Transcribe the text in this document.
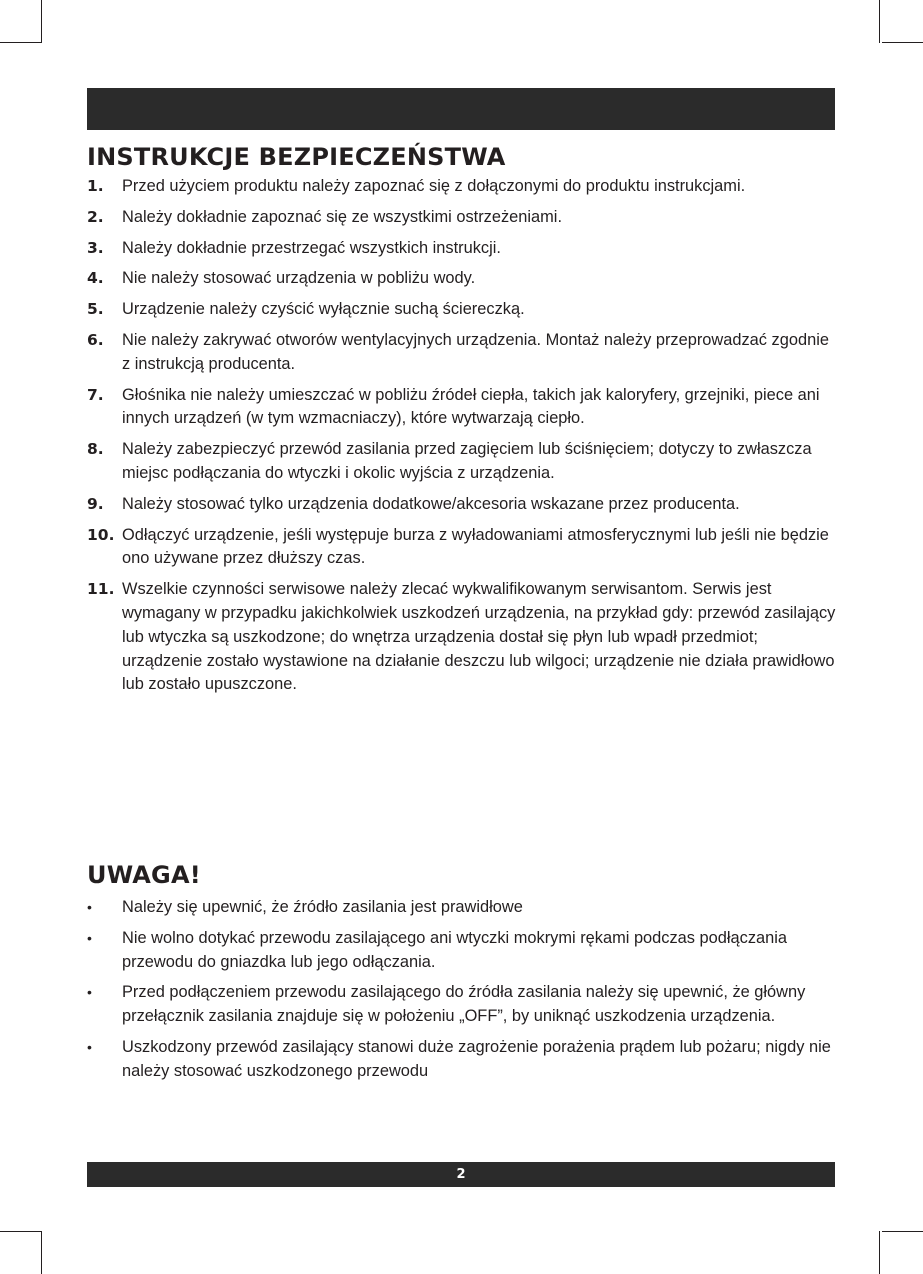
INSTRUKCJE BEZPIECZEŃSTWA
1. Przed użyciem produktu należy zapoznać się z dołączonymi do produktu instrukcjami.
2. Należy dokładnie zapoznać się ze wszystkimi ostrzeżeniami.
3. Należy dokładnie przestrzegać wszystkich instrukcji.
4. Nie należy stosować urządzenia w pobliżu wody.
5. Urządzenie należy czyścić wyłącznie suchą ściereczką.
6. Nie należy zakrywać otworów wentylacyjnych urządzenia. Montaż należy przeprowadzać zgodnie z instrukcją producenta.
7. Głośnika nie należy umieszczać w pobliżu źródeł ciepła, takich jak kaloryfery, grzejniki, piece ani innych urządzeń (w tym wzmacniaczy), które wytwarzają ciepło.
8. Należy zabezpieczyć przewód zasilania przed zagięciem lub ściśnięciem; dotyczy to zwłaszcza miejsc podłączania do wtyczki i okolic wyjścia z urządzenia.
9. Należy stosować tylko urządzenia dodatkowe/akcesoria wskazane przez producenta.
10. Odłączyć urządzenie, jeśli występuje burza z wyładowaniami atmosferycznymi lub jeśli nie będzie ono używane przez dłuższy czas.
11. Wszelkie czynności serwisowe należy zlecać wykwalifikowanym serwisantom. Serwis jest wymagany w przypadku jakichkolwiek uszkodzeń urządzenia, na przykład gdy: przewód zasilający lub wtyczka są uszkodzone; do wnętrza urządzenia dostał się płyn lub wpadł przedmiot; urządzenie zostało wystawione na działanie deszczu lub wilgoci; urządzenie nie działa prawidłowo lub zostało upuszczone.
UWAGA!
• Należy się upewnić, że źródło zasilania jest prawidłowe
• Nie wolno dotykać przewodu zasilającego ani wtyczki mokrymi rękami podczas podłączania przewodu do gniazdka lub jego odłączania.
• Przed podłączeniem przewodu zasilającego do źródła zasilania należy się upewnić, że główny przełącznik zasilania znajduje się w położeniu „OFF”, by uniknąć uszkodzenia urządzenia.
• Uszkodzony przewód zasilający stanowi duże zagrożenie porażenia prądem lub pożaru; nigdy nie należy stosować uszkodzonego przewodu
2
